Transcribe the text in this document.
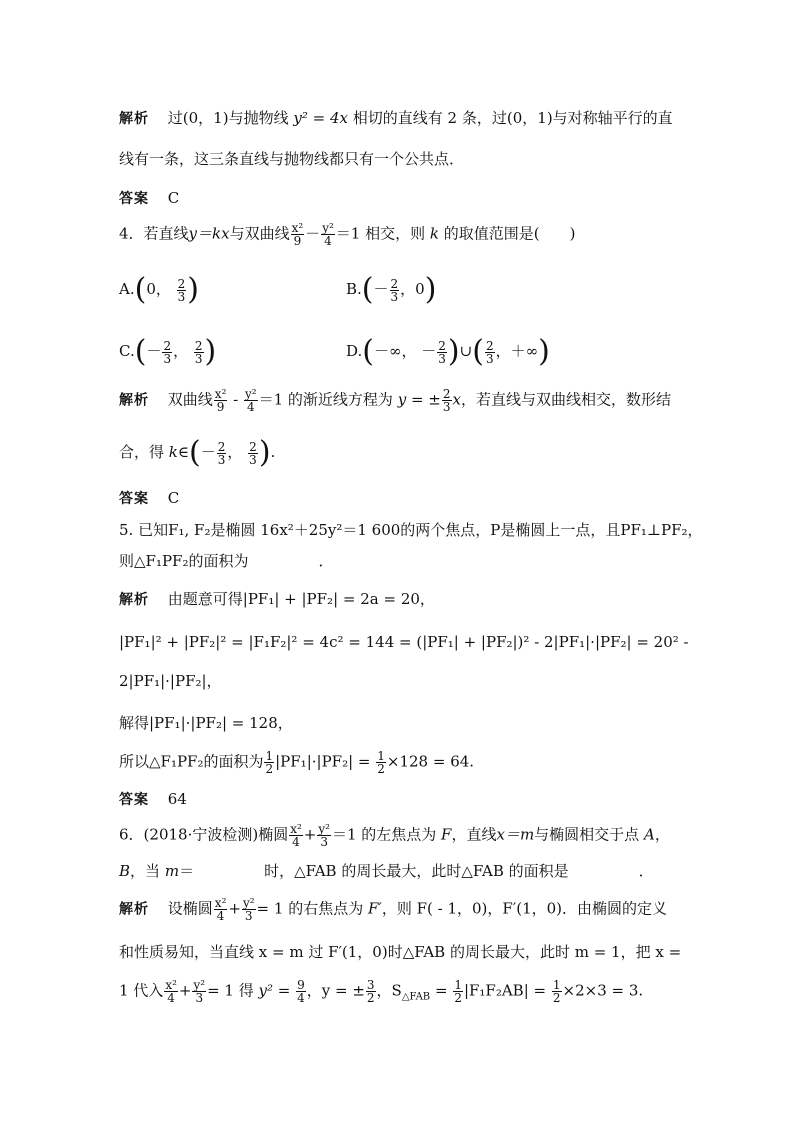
解析 过(0，1)与抛物线 y² = 4x 相切的直线有 2 条，过(0，1)与对称轴平行的直
线有一条，这三条直线与抛物线都只有一个公共点．
答案 C
4．若直线y＝kx与双曲线 $\frac{\text{x²}}{9} - \frac{\text{y²}}{4} =1$ 相交，则 k 的取值范围是(　　)
A.(0， $\frac{2}{3}$ )	$B.(- \frac{2}{3}$ ，0)
$C.(- \frac{2}{3}$ ， $\frac{2}{3}$ )	D.(－∞， － $\frac{2}{3}$ )∪( $\frac{2}{3}$ ，＋∞)
解析 双曲线 $\frac{\text{x²}}{9} - \frac{\text{y²}}{4} =1$ 的渐近线方程为 y = ± $\frac{2}{3}$ x，若直线与双曲线相交，数形结
合，得 k∈(－ $\frac{2}{3}$ ， $\frac{2}{3}$ ).
答案 C
5. 已知F₁, F₂是椭圆 16x²＋25y²＝1 600的两个焦点，P是椭圆上一点，且PF₁⊥PF₂，
则△F₁PF₂的面积为	．
解析 由题意可得|PF₁| + |PF₂| = 2a = 20，
|PF₁|² + |PF₂|² = |F₁F₂|² = 4c² = 144 = (|PF₁| + |PF₂|)² - 2|PF₁|·|PF₂| = 20² -
2|PF₁|·|PF₂|，
解得|PF₁|·|PF₂| = 128，
所以△F₁PF₂的面积为 $\frac{1}{2} |PF_1|\cdot|PF_2| = \frac{1}{2} \times 128 = 64$.
答案 64
6．(2018·宁波检测)椭圆 $\frac{\text{x²}}{4} + \frac{\text{y²}}{3} =1$ 的左焦点为 F，直线x＝m与椭圆相交于点 A，
B，当 m＝	时，△FAB 的周长最大，此时△FAB 的面积是	．
解析 设椭圆 $\frac{\text{x²}}{4} + \frac{\text{y²}}{3} = 1$ 的右焦点为 F′，则 F( - 1，0)，F′(1，0)．由椭圆的定义
和性质易知，当直线 x = m 过 F′(1，0)时△FAB 的周长最大，此时 m = 1，把 x =
1 代入 $\frac{\text{x²}}{4} + \frac{\text{y²}}{3} = 1$ 得 $y^2 = \frac{9}{4}$ ，y = ± $\frac{3}{2}$ ，$S_{\triangle FAB} = \frac{1}{2} |F_1F_2AB| = \frac{1}{2} \times 2\times 3 = 3$.
